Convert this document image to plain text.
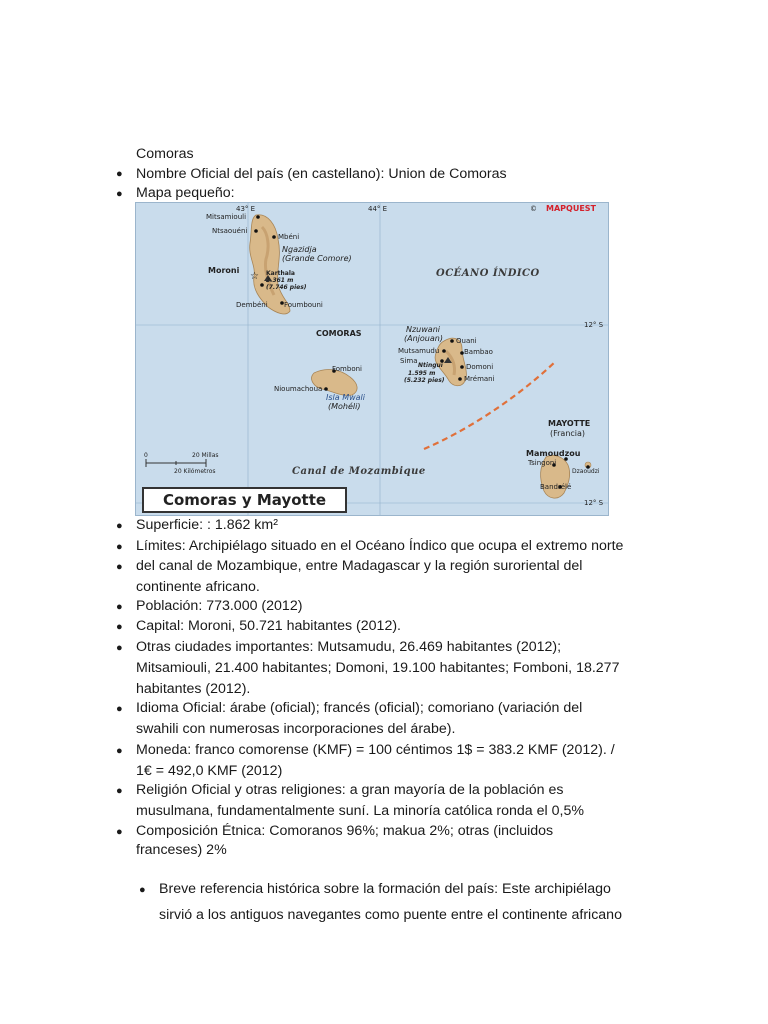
Comoras
● Nombre Oficial del país (en castellano): Union de Comoras
● Mapa pequeño:
☆
43° E	44° E	© MAPQUEST
12° S
12° S
Mitsamiouli
Ntsaouéni
Mbéni
Ngazidja
(Grande Comore)
Moroni	Karthala
2.361 m
(7.746 pies)
Dembéni Foumbouni
OCÉANO ÍNDICO
COMORAS	Nzuwani
(Anjouan) Ouani
Mutsamudu	Bambao
Sima
Ntingui	Domoni
1.595 m
(5.232 pies)	Mrémani
Fomboni
Nioumachoua
Isla Mwali
(Mohéli)
MAYOTTE
(Francia)
Mamoudzou
Tsingoni
Dzaoudzi
Bandrélé
Canal de Mozambique
0	20 Millas
20 Kilómetros
Comoras y Mayotte
● Superficie: : 1.862 km²
● Límites: Archipiélago situado en el Océano Índico que ocupa el extremo norte
● del canal de Mozambique, entre Madagascar y la región suroriental del
continente africano.
● Población: 773.000 (2012)
● Capital: Moroni, 50.721 habitantes (2012).
● Otras ciudades importantes: Mutsamudu, 26.469 habitantes (2012);
Mitsamiouli, 21.400 habitantes; Domoni, 19.100 habitantes; Fomboni, 18.277
habitantes (2012).
● Idioma Oficial: árabe (oficial); francés (oficial); comoriano (variación del
swahili con numerosas incorporaciones del árabe).
● Moneda: franco comorense (KMF) = 100 céntimos 1$ = 383.2 KMF (2012). /
1€ = 492,0 KMF (2012)
● Religión Oficial y otras religiones: a gran mayoría de la población es
musulmana, fundamentalmente suní. La minoría católica ronda el 0,5%
● Composición Étnica: Comoranos 96%; makua 2%; otras (incluidos
franceses) 2%
● Breve referencia histórica sobre la formación del país: Este archipiélago
sirvió a los antiguos navegantes como puente entre el continente africano
